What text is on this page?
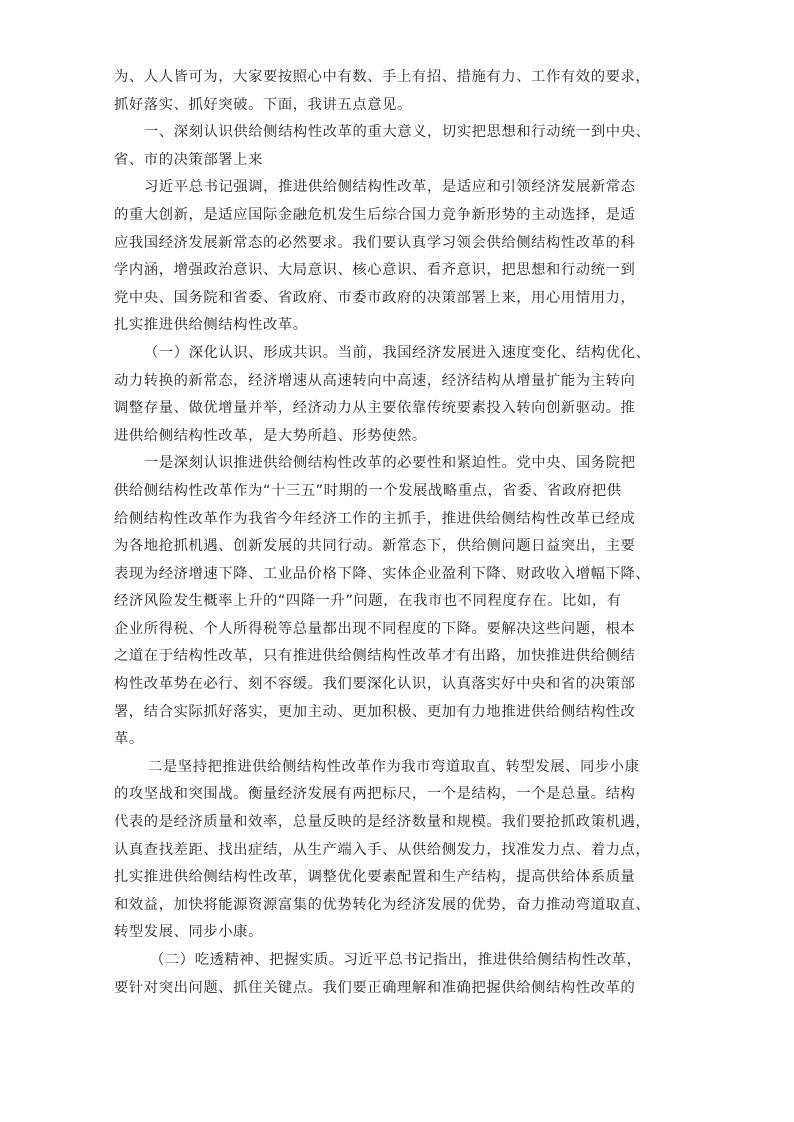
为、人人皆可为，大家要按照心中有数、手上有招、措施有力、工作有效的要求，
抓好落实、抓好突破。下面，我讲五点意见。
一、深刻认识供给侧结构性改革的重大意义，切实把思想和行动统一到中央、
省、市的决策部署上来
习近平总书记强调，推进供给侧结构性改革，是适应和引领经济发展新常态
的重大创新，是适应国际金融危机发生后综合国力竞争新形势的主动选择，是适
应我国经济发展新常态的必然要求。我们要认真学习领会供给侧结构性改革的科
学内涵，增强政治意识、大局意识、核心意识、看齐意识，把思想和行动统一到
党中央、国务院和省委、省政府、市委市政府的决策部署上来，用心用情用力，
扎实推进供给侧结构性改革。
（一）深化认识、形成共识。当前，我国经济发展进入速度变化、结构优化、
动力转换的新常态，经济增速从高速转向中高速，经济结构从增量扩能为主转向
调整存量、做优增量并举，经济动力从主要依靠传统要素投入转向创新驱动。推
进供给侧结构性改革，是大势所趋、形势使然。
一是深刻认识推进供给侧结构性改革的必要性和紧迫性。党中央、国务院把
供给侧结构性改革作为“十三五”时期的一个发展战略重点，省委、省政府把供
给侧结构性改革作为我省今年经济工作的主抓手，推进供给侧结构性改革已经成
为各地抢抓机遇、创新发展的共同行动。新常态下，供给侧问题日益突出，主要
表现为经济增速下降、工业品价格下降、实体企业盈利下降、财政收入增幅下降、
经济风险发生概率上升的“四降一升”问题，在我市也不同程度存在。比如，有
企业所得税、个人所得税等总量都出现不同程度的下降。要解决这些问题，根本
之道在于结构性改革，只有推进供给侧结构性改革才有出路，加快推进供给侧结
构性改革势在必行、刻不容缓。我们要深化认识，认真落实好中央和省的决策部
署，结合实际抓好落实，更加主动、更加积极、更加有力地推进供给侧结构性改
革。
二是坚持把推进供给侧结构性改革作为我市弯道取直、转型发展、同步小康
的攻坚战和突围战。衡量经济发展有两把标尺，一个是结构，一个是总量。结构
代表的是经济质量和效率，总量反映的是经济数量和规模。我们要抢抓政策机遇，
认真查找差距、找出症结，从生产端入手、从供给侧发力，找准发力点、着力点，
扎实推进供给侧结构性改革，调整优化要素配置和生产结构，提高供给体系质量
和效益，加快将能源资源富集的优势转化为经济发展的优势，奋力推动弯道取直、
转型发展、同步小康。
（二）吃透精神、把握实质。习近平总书记指出，推进供给侧结构性改革，
要针对突出问题、抓住关键点。我们要正确理解和准确把握供给侧结构性改革的
